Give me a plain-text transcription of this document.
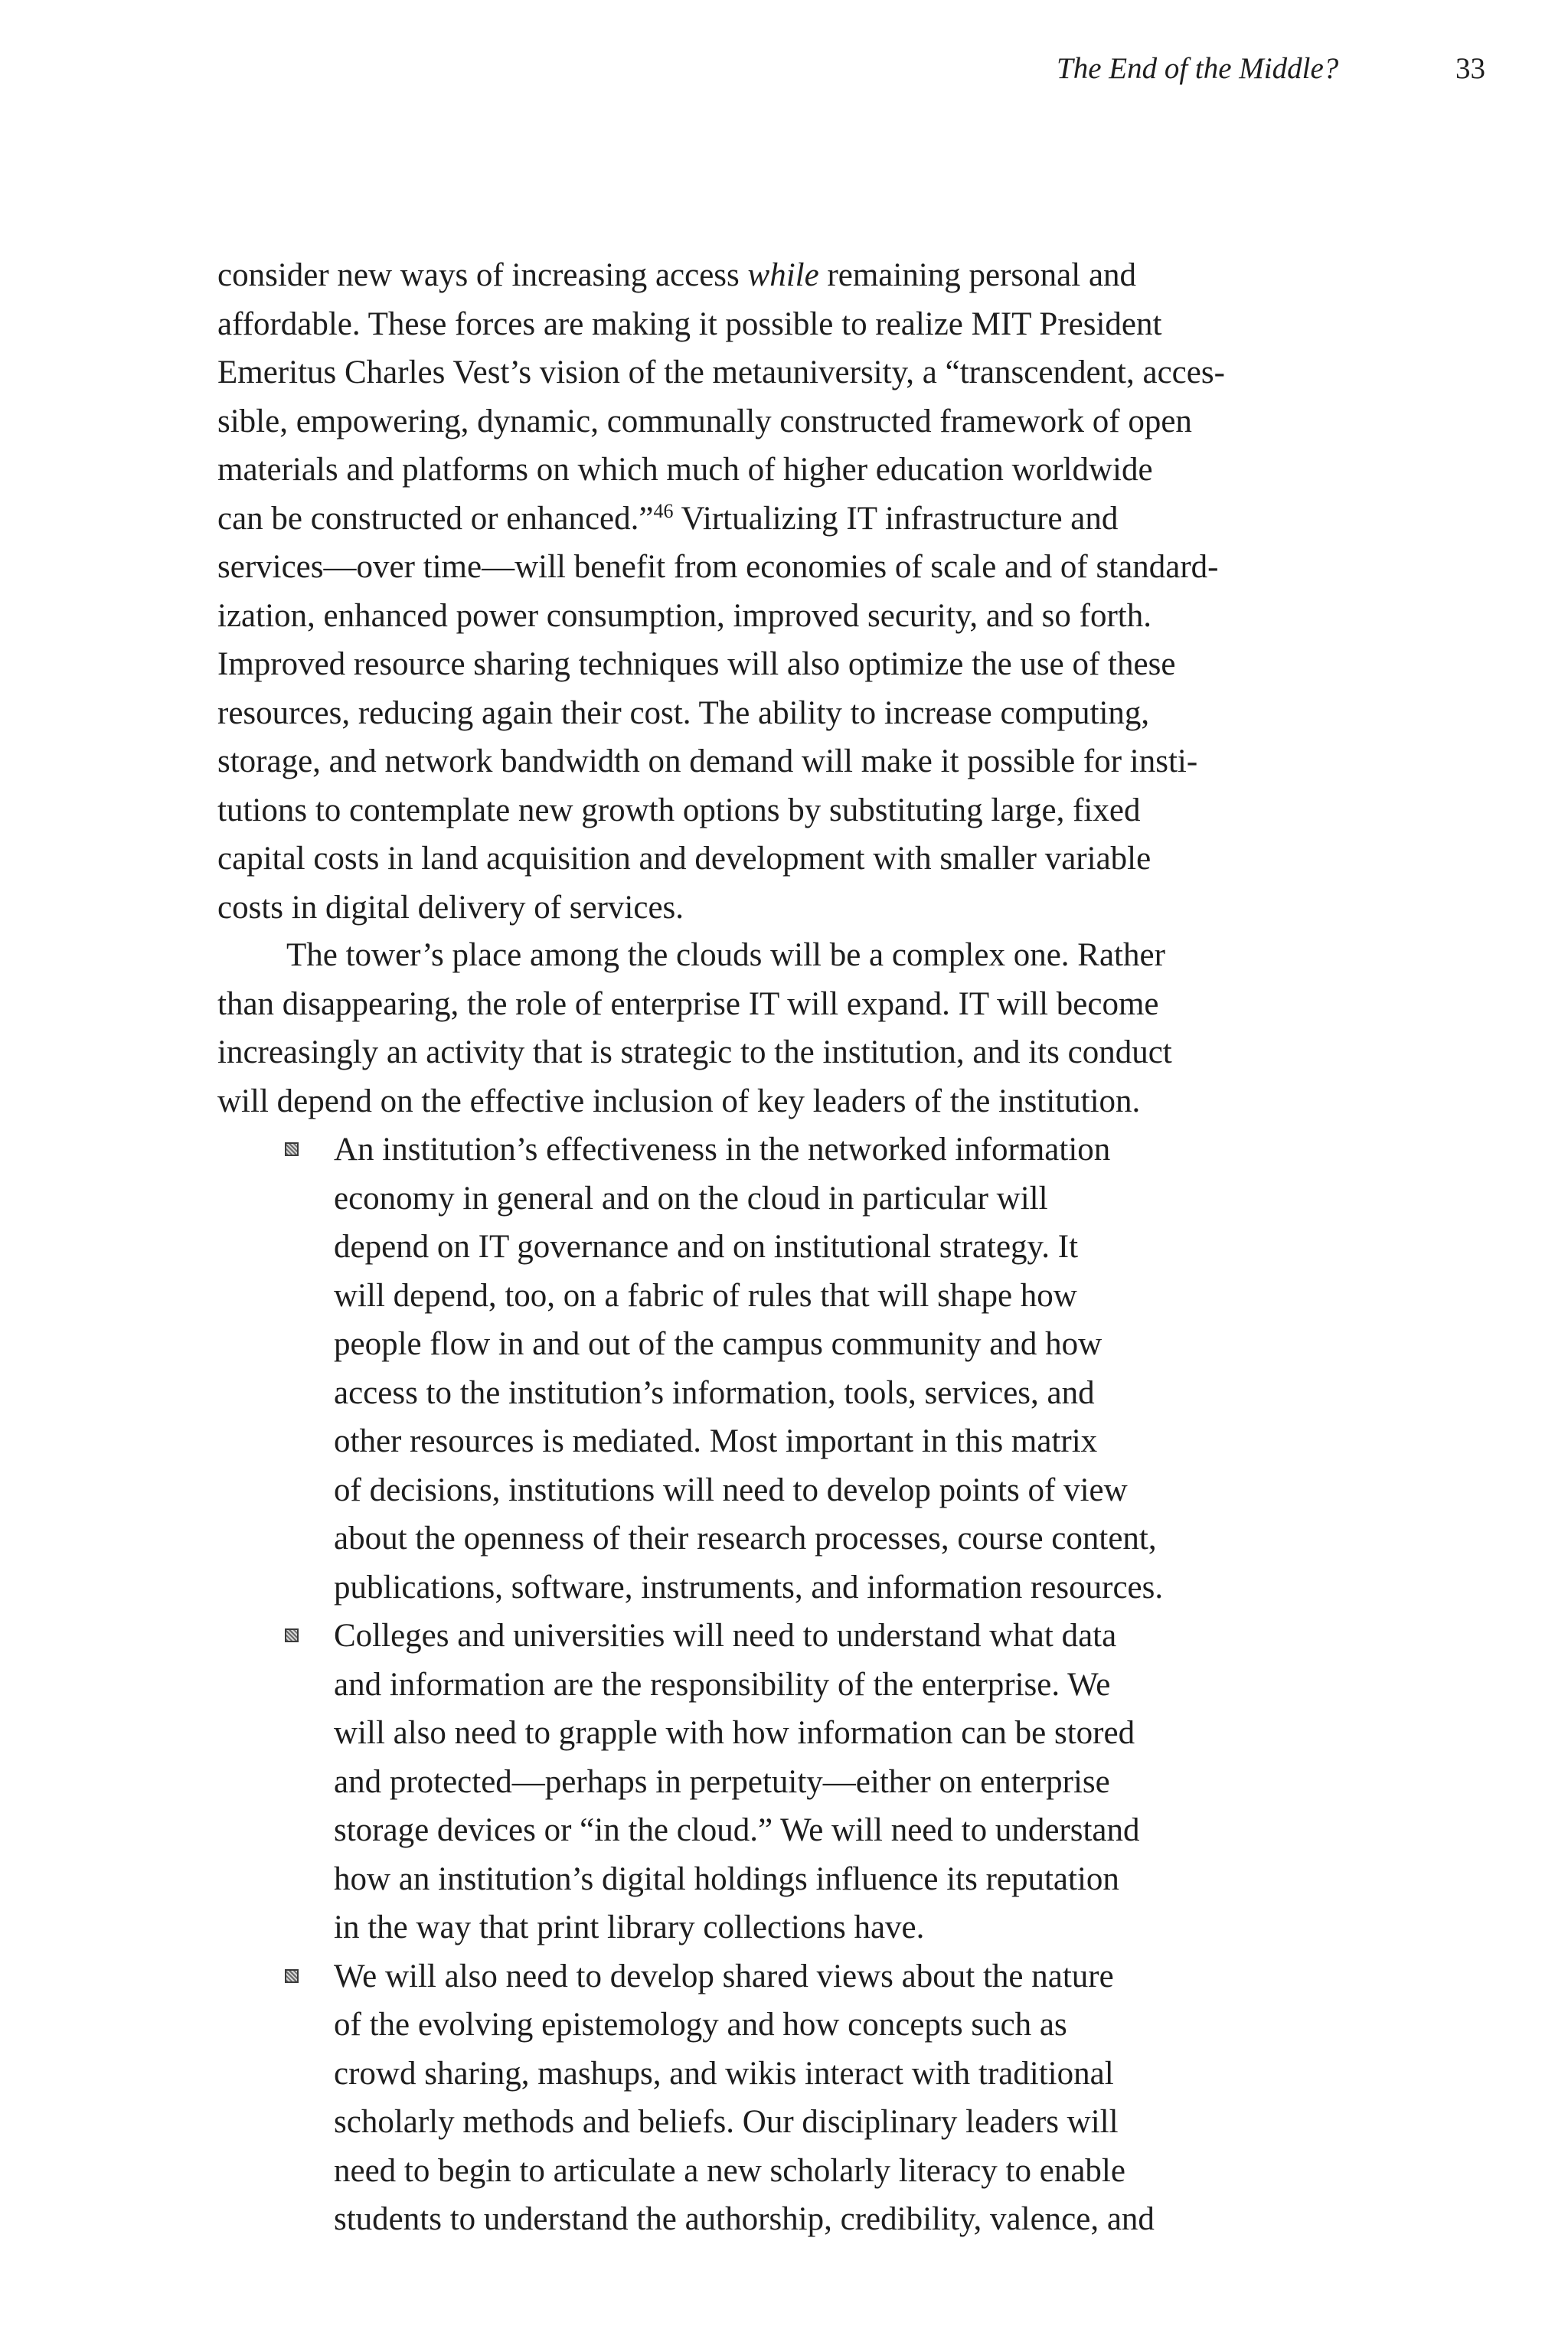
The End of the Middle?	33
consider new ways of increasing access while remaining personal and
affordable. These forces are making it possible to realize MIT President
Emeritus Charles Vest’s vision of the metauniversity, a “transcendent, acces-
sible, empowering, dynamic, communally constructed framework of open
materials and platforms on which much of higher education worldwide
can be constructed or enhanced.”$^{46}$ Virtualizing IT infrastructure and
services—over time—will benefit from economies of scale and of standard-
ization, enhanced power consumption, improved security, and so forth.
Improved resource sharing techniques will also optimize the use of these
resources, reducing again their cost. The ability to increase computing,
storage, and network bandwidth on demand will make it possible for insti-
tutions to contemplate new growth options by substituting large, fixed
capital costs in land acquisition and development with smaller variable
costs in digital delivery of services.
The tower’s place among the clouds will be a complex one. Rather
than disappearing, the role of enterprise IT will expand. IT will become
increasingly an activity that is strategic to the institution, and its conduct
will depend on the effective inclusion of key leaders of the institution.
An institution’s effectiveness in the networked information
economy in general and on the cloud in particular will
depend on IT governance and on institutional strategy. It
will depend, too, on a fabric of rules that will shape how
people flow in and out of the campus community and how
access to the institution’s information, tools, services, and
other resources is mediated. Most important in this matrix
of decisions, institutions will need to develop points of view
about the openness of their research processes, course content,
publications, software, instruments, and information resources.
Colleges and universities will need to understand what data
and information are the responsibility of the enterprise. We
will also need to grapple with how information can be stored
and protected—perhaps in perpetuity—either on enterprise
storage devices or “in the cloud.” We will need to understand
how an institution’s digital holdings influence its reputation
in the way that print library collections have.
We will also need to develop shared views about the nature
of the evolving epistemology and how concepts such as
crowd sharing, mashups, and wikis interact with traditional
scholarly methods and beliefs. Our disciplinary leaders will
need to begin to articulate a new scholarly literacy to enable
students to understand the authorship, credibility, valence, and
